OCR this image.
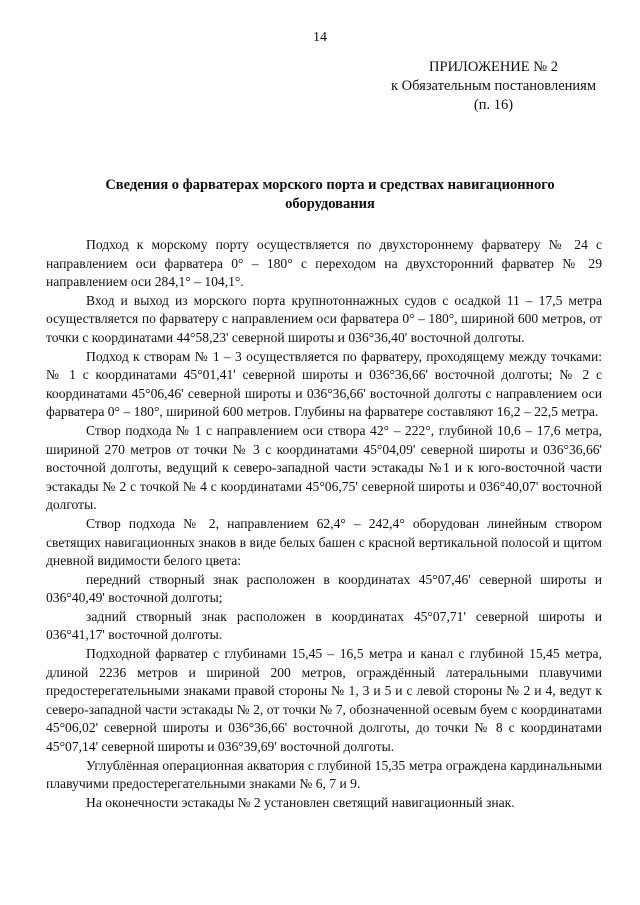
14
ПРИЛОЖЕНИЕ № 2
к Обязательным постановлениям
(п. 16)
Сведения о фарватерах морского порта и средствах навигационного оборудования

Подход к морскому порту осуществляется по двухстороннему фарватеру № 24 с направлением оси фарватера 0° – 180° с переходом на двухсторонний фарватер № 29 направлением оси 284,1° – 104,1°.

Вход и выход из морского порта крупнотоннажных судов с осадкой 11 – 17,5 метра осуществляется по фарватеру с направлением оси фарватера 0° – 180°, шириной 600 метров, от точки с координатами 44°58,23' северной широты и 036°36,40' восточной долготы.

Подход к створам № 1 – 3 осуществляется по фарватеру, проходящему между точками: № 1 с координатами 45°01,41' северной широты и 036°36,66' восточной долготы; № 2 с координатами 45°06,46' северной широты и 036°36,66' восточной долготы с направлением оси фарватера 0° – 180°, шириной 600 метров. Глубины на фарватере составляют 16,2 – 22,5 метра.

Створ подхода № 1 с направлением оси створа 42° – 222°, глубиной 10,6 – 17,6 метра, шириной 270 метров от точки № 3 с координатами 45°04,09' северной широты и 036°36,66' восточной долготы, ведущий к северо-западной части эстакады №1 и к юго-восточной части эстакады № 2 с точкой № 4 с координатами 45°06,75' северной широты и 036°40,07' восточной долготы.

Створ подхода № 2, направлением 62,4° – 242,4° оборудован линейным створом светящих навигационных знаков в виде белых башен с красной вертикальной полосой и щитом дневной видимости белого цвета:

передний створный знак расположен в координатах 45°07,46' северной широты и 036°40,49' восточной долготы;

задний створный знак расположен в координатах 45°07,71' северной широты и 036°41,17' восточной долготы.

Подходной фарватер с глубинами 15,45 – 16,5 метра и канал с глубиной 15,45 метра, длиной 2236 метров и шириной 200 метров, ограждённый латеральными плавучими предостерегательными знаками правой стороны № 1, 3 и 5 и с левой стороны № 2 и 4, ведут к северо-западной части эстакады № 2, от точки № 7, обозначенной осевым буем с координатами 45°06,02' северной широты и 036°36,66' восточной долготы, до точки № 8 с координатами 45°07,14' северной широты и 036°39,69' восточной долготы.

Углублённая операционная акватория с глубиной 15,35 метра ограждена кардинальными плавучими предостерегательными знаками № 6, 7 и 9.

На оконечности эстакады № 2 установлен светящий навигационный знак.
